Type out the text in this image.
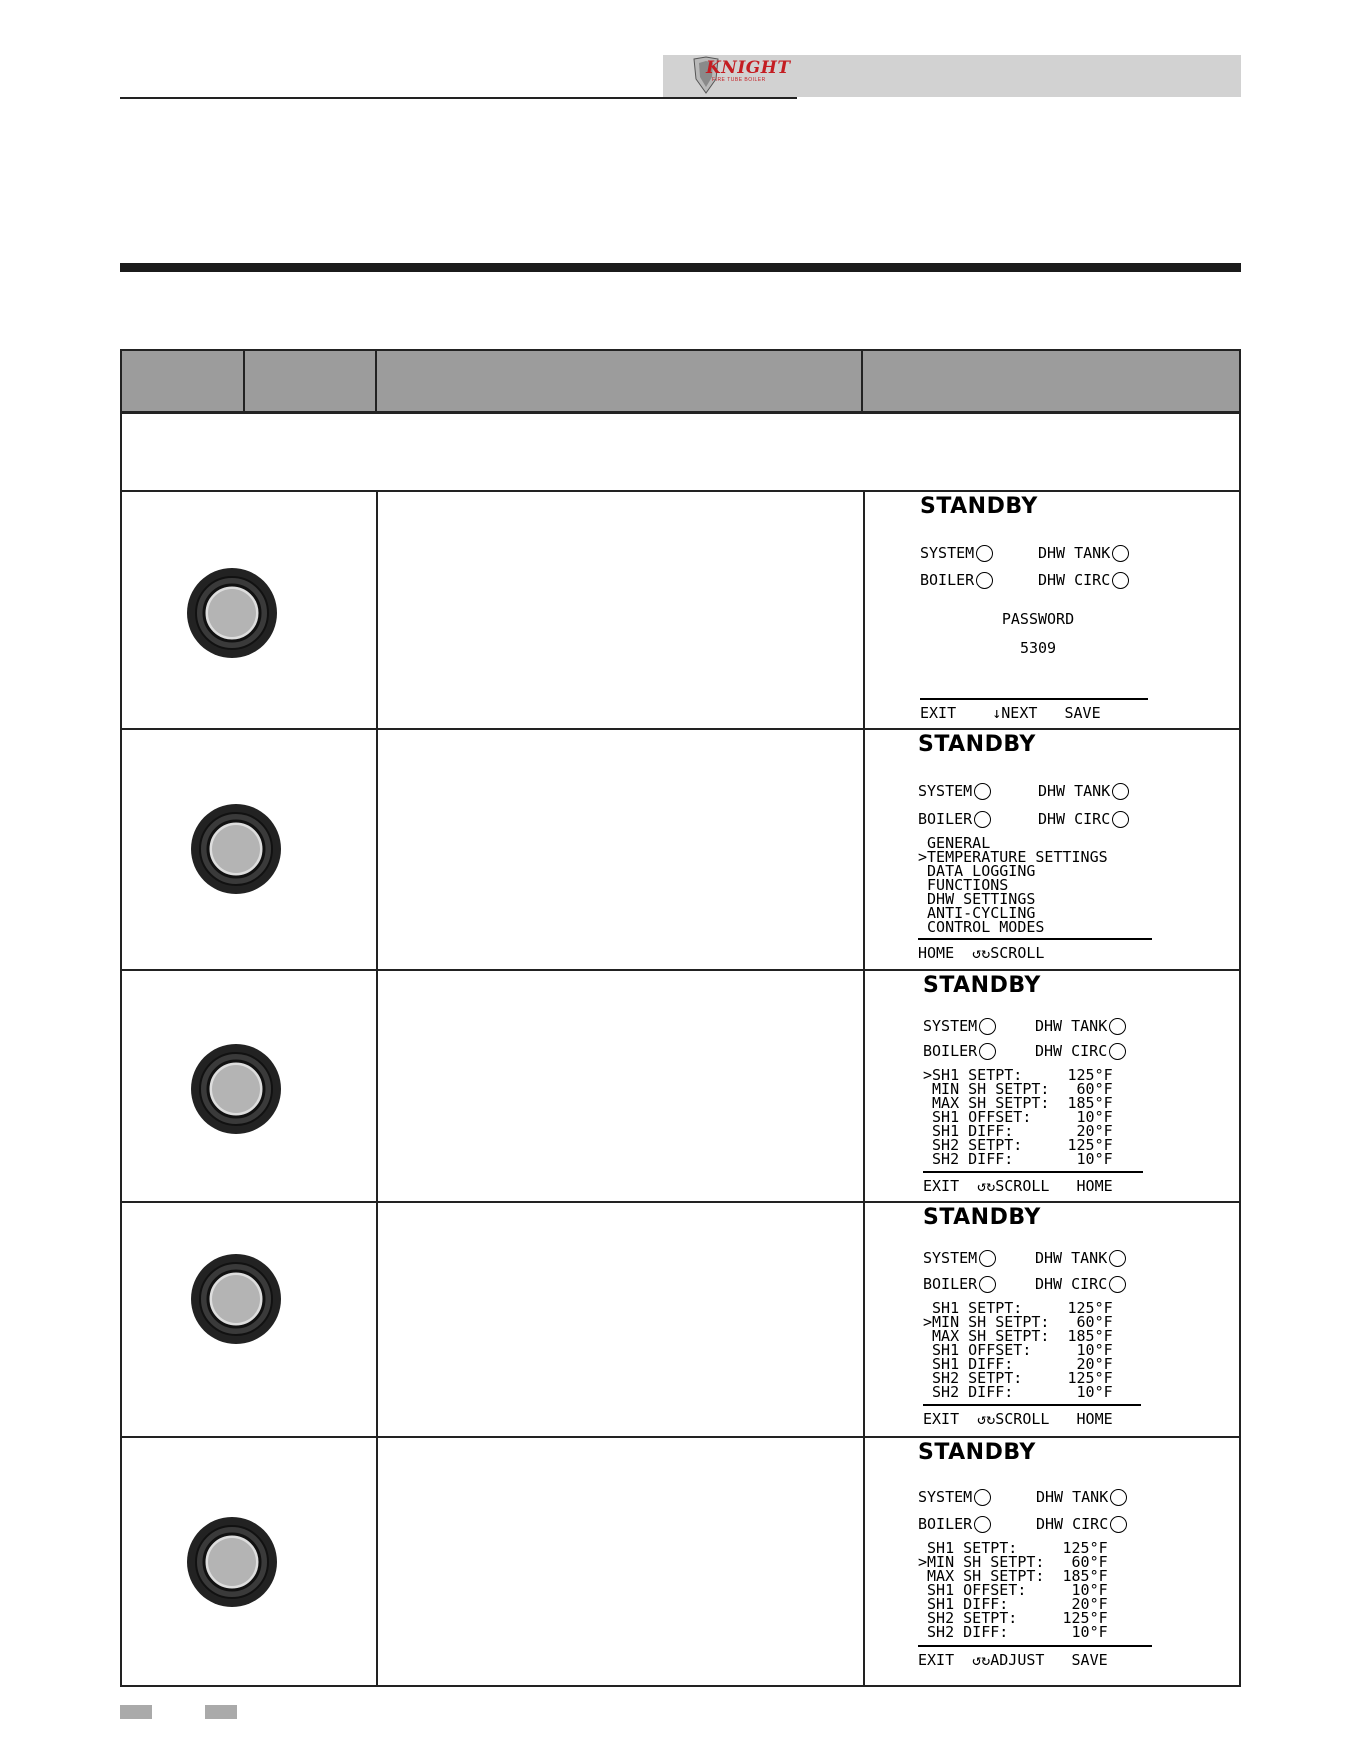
KNIGHT
FIRE TUBE BOILER
STANDBY
SYSTEM	DHW TANK
BOILER	DHW CIRC
PASSWORD
5309
EXIT    ↓NEXT   SAVE
STANDBY
SYSTEM	DHW TANK
BOILER	DHW CIRC
GENERAL
>TEMPERATURE SETTINGS
DATA LOGGING
FUNCTIONS
DHW SETTINGS
ANTI-CYCLING
CONTROL MODES
HOME  ↺↻SCROLL
STANDBY
SYSTEM	DHW TANK
BOILER	DHW CIRC
>SH1 SETPT:     125°F
MIN SH SETPT:   60°F
MAX SH SETPT:  185°F
SH1 OFFSET:     10°F
SH1 DIFF:       20°F
SH2 SETPT:     125°F
SH2 DIFF:       10°F
EXIT  ↺↻SCROLL   HOME
STANDBY
SYSTEM	DHW TANK
BOILER	DHW CIRC
SH1 SETPT:     125°F
>MIN SH SETPT:   60°F
MAX SH SETPT:  185°F
SH1 OFFSET:     10°F
SH1 DIFF:       20°F
SH2 SETPT:     125°F
SH2 DIFF:       10°F
EXIT  ↺↻SCROLL   HOME
STANDBY
SYSTEM	DHW TANK
BOILER	DHW CIRC
SH1 SETPT:     125°F
>MIN SH SETPT:   60°F
MAX SH SETPT:  185°F
SH1 OFFSET:     10°F
SH1 DIFF:       20°F
SH2 SETPT:     125°F
SH2 DIFF:       10°F
EXIT  ↺↻ADJUST   SAVE
